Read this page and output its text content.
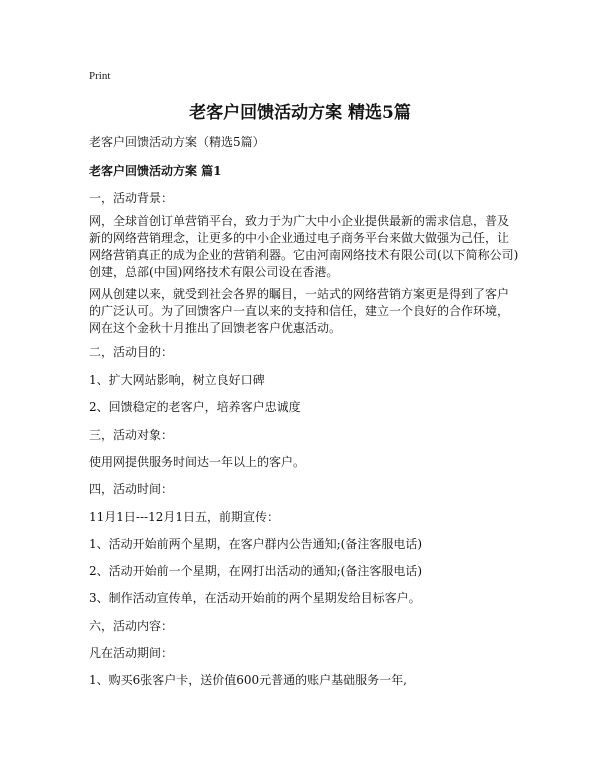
Print
老客户回馈活动方案 精选5篇
老客户回馈活动方案（精选5篇）
老客户回馈活动方案 篇1

一，活动背景：

网，全球首创订单营销平台，致力于为广大中小企业提供最新的需求信息，普及新的网络营销理念，让更多的中小企业通过电子商务平台来做大做强为己任，让网络营销真正的成为企业的营销利器。它由河南网络技术有限公司(以下简称公司)创建，总部(中国)网络技术有限公司设在香港。

网从创建以来，就受到社会各界的瞩目，一站式的网络营销方案更是得到了客户的广泛认可。为了回馈客户一直以来的支持和信任，建立一个良好的合作环境，网在这个金秋十月推出了回馈老客户优惠活动。

二，活动目的：

1、扩大网站影响，树立良好口碑

2、回馈稳定的老客户，培养客户忠诚度

三，活动对象：

使用网提供服务时间达一年以上的客户。

四，活动时间：

11月1日---12月1日五，前期宣传：

1、活动开始前两个星期，在客户群内公告通知;(备注客服电话)

2、活动开始前一个星期，在网打出活动的通知;(备注客服电话)

3、制作活动宣传单，在活动开始前的两个星期发给目标客户。

六，活动内容：

凡在活动期间：

1、购买6张客户卡，送价值600元普通的账户基础服务一年,
